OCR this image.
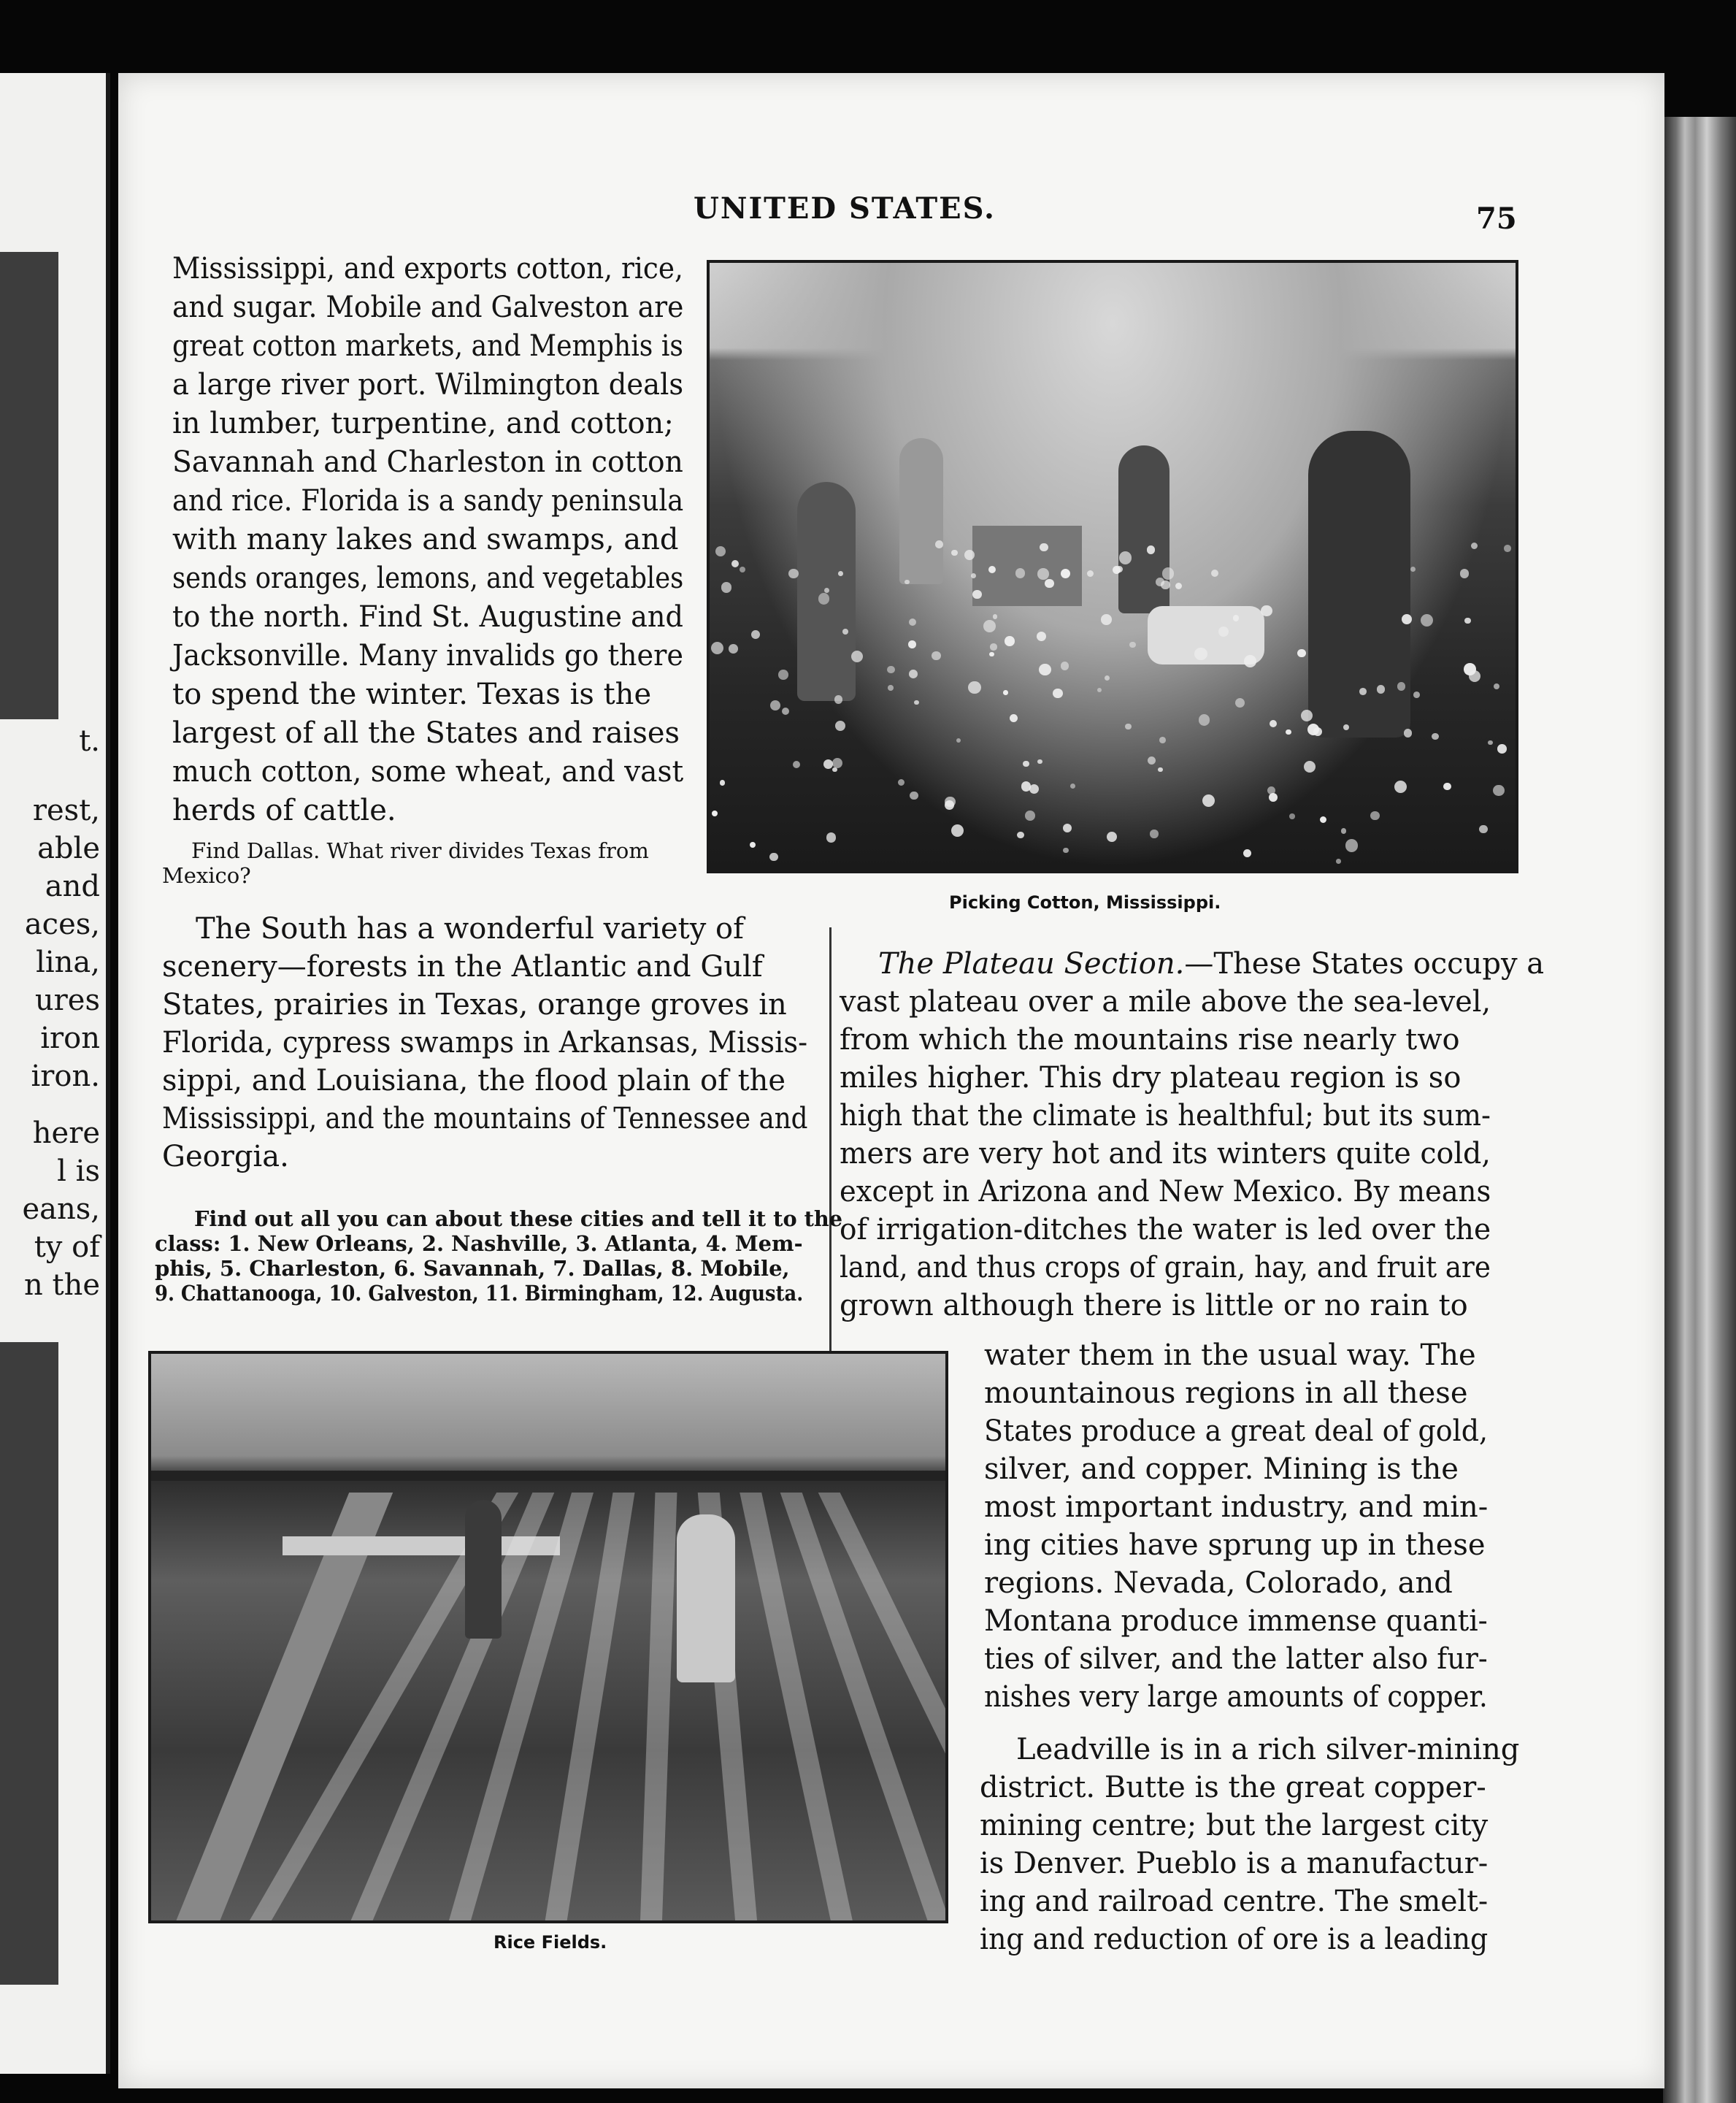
t.
rest,
able
and
aces,
lina,
ures
iron
iron.
here
l is
eans,
ty of
n the
UNITED STATES.	75
Mississippi, and exports cotton, rice,
and sugar. Mobile and Galveston are
great cotton markets, and Memphis is
a large river port. Wilmington deals
in lumber, turpentine, and cotton;
Savannah and Charleston in cotton
and rice. Florida is a sandy peninsula
with many lakes and swamps, and
sends oranges, lemons, and vegetables
to the north. Find St. Augustine and
Jacksonville. Many invalids go there
to spend the winter. Texas is the
largest of all the States and raises
much cotton, some wheat, and vast
herds of cattle.
Find Dallas. What river divides Texas from
Mexico?
Picking Cotton, Mississippi.
The South has a wonderful variety of
scenery—forests in the Atlantic and Gulf
States, prairies in Texas, orange groves in
Florida, cypress swamps in Arkansas, Missis-
sippi, and Louisiana, the flood plain of the
Mississippi, and the mountains of Tennessee and
Georgia.
Find out all you can about these cities and tell it to the
class: 1. New Orleans, 2. Nashville, 3. Atlanta, 4. Mem-
phis, 5. Charleston, 6. Savannah, 7. Dallas, 8. Mobile,
9. Chattanooga, 10. Galveston, 11. Birmingham, 12. Augusta.
Rice Fields.
The Plateau Section.—These States occupy a
vast plateau over a mile above the sea-level,
from which the mountains rise nearly two
miles higher. This dry plateau region is so
high that the climate is healthful; but its sum-
mers are very hot and its winters quite cold,
except in Arizona and New Mexico. By means
of irrigation-ditches the water is led over the
land, and thus crops of grain, hay, and fruit are
grown although there is little or no rain to
water them in the usual way. The
mountainous regions in all these
States produce a great deal of gold,
silver, and copper. Mining is the
most important industry, and min-
ing cities have sprung up in these
regions. Nevada, Colorado, and
Montana produce immense quanti-
ties of silver, and the latter also fur-
nishes very large amounts of copper.
Leadville is in a rich silver-mining
district. Butte is the great copper-
mining centre; but the largest city
is Denver. Pueblo is a manufactur-
ing and railroad centre. The smelt-
ing and reduction of ore is a leading
